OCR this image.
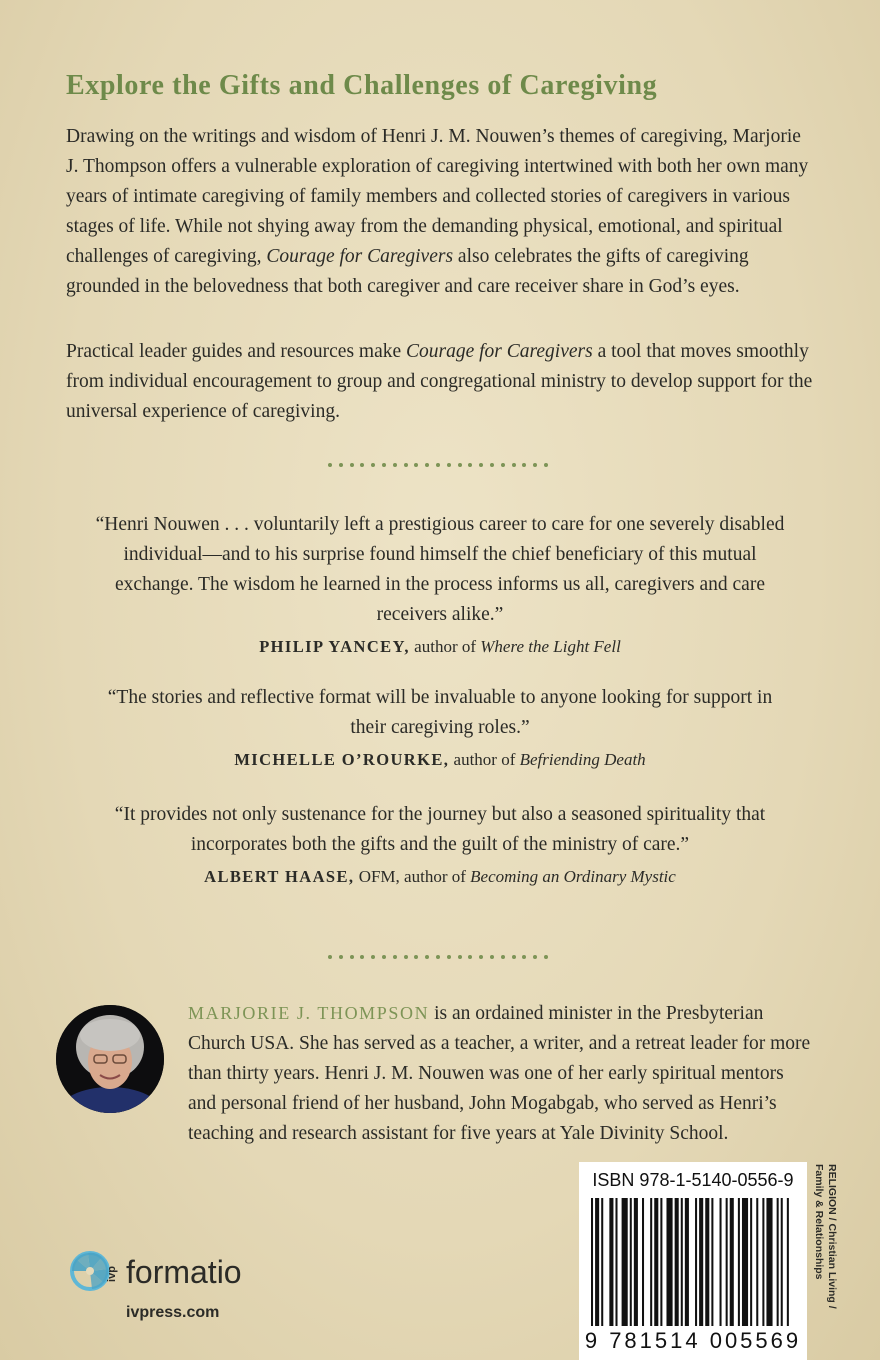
Explore the Gifts and Challenges of Caregiving
Drawing on the writings and wisdom of Henri J. M. Nouwen’s themes of caregiving, Marjorie J. Thompson offers a vulnerable exploration of caregiving intertwined with both her own many years of intimate caregiving of family members and collected stories of caregivers in various stages of life. While not shying away from the demanding physical, emotional, and spiritual challenges of caregiving, Courage for Caregivers also celebrates the gifts of caregiving grounded in the belovedness that both caregiver and care receiver share in God’s eyes.
Practical leader guides and resources make Courage for Caregivers a tool that moves smoothly from individual encouragement to group and congregational ministry to develop support for the universal experience of caregiving.
“Henri Nouwen . . . voluntarily left a prestigious career to care for one severely disabled individual—and to his surprise found himself the chief beneficiary of this mutual exchange. The wisdom he learned in the process informs us all, caregivers and care receivers alike.”
PHILIP YANCEY, author of Where the Light Fell
“The stories and reflective format will be invaluable to anyone looking for support in their caregiving roles.”
MICHELLE O’ROURKE, author of Befriending Death
“It provides not only sustenance for the journey but also a seasoned spirituality that incorporates both the gifts and the guilt of the ministry of care.”
ALBERT HAASE, OFM, author of Becoming an Ordinary Mystic
MARJORIE J. THOMPSON is an ordained minister in the Presbyterian Church USA. She has served as a teacher, a writer, and a retreat leader for more than thirty years. Henri J. M. Nouwen was one of her early spiritual mentors and personal friend of her husband, John Mogabgab, who served as Henri’s teaching and research assistant for five years at Yale Divinity School.
ivp formatio
ivpress.com
ISBN 978-1-5140-0556-9
9 781514 005569
RELIGION / Christian Living /
Family & Relationships
